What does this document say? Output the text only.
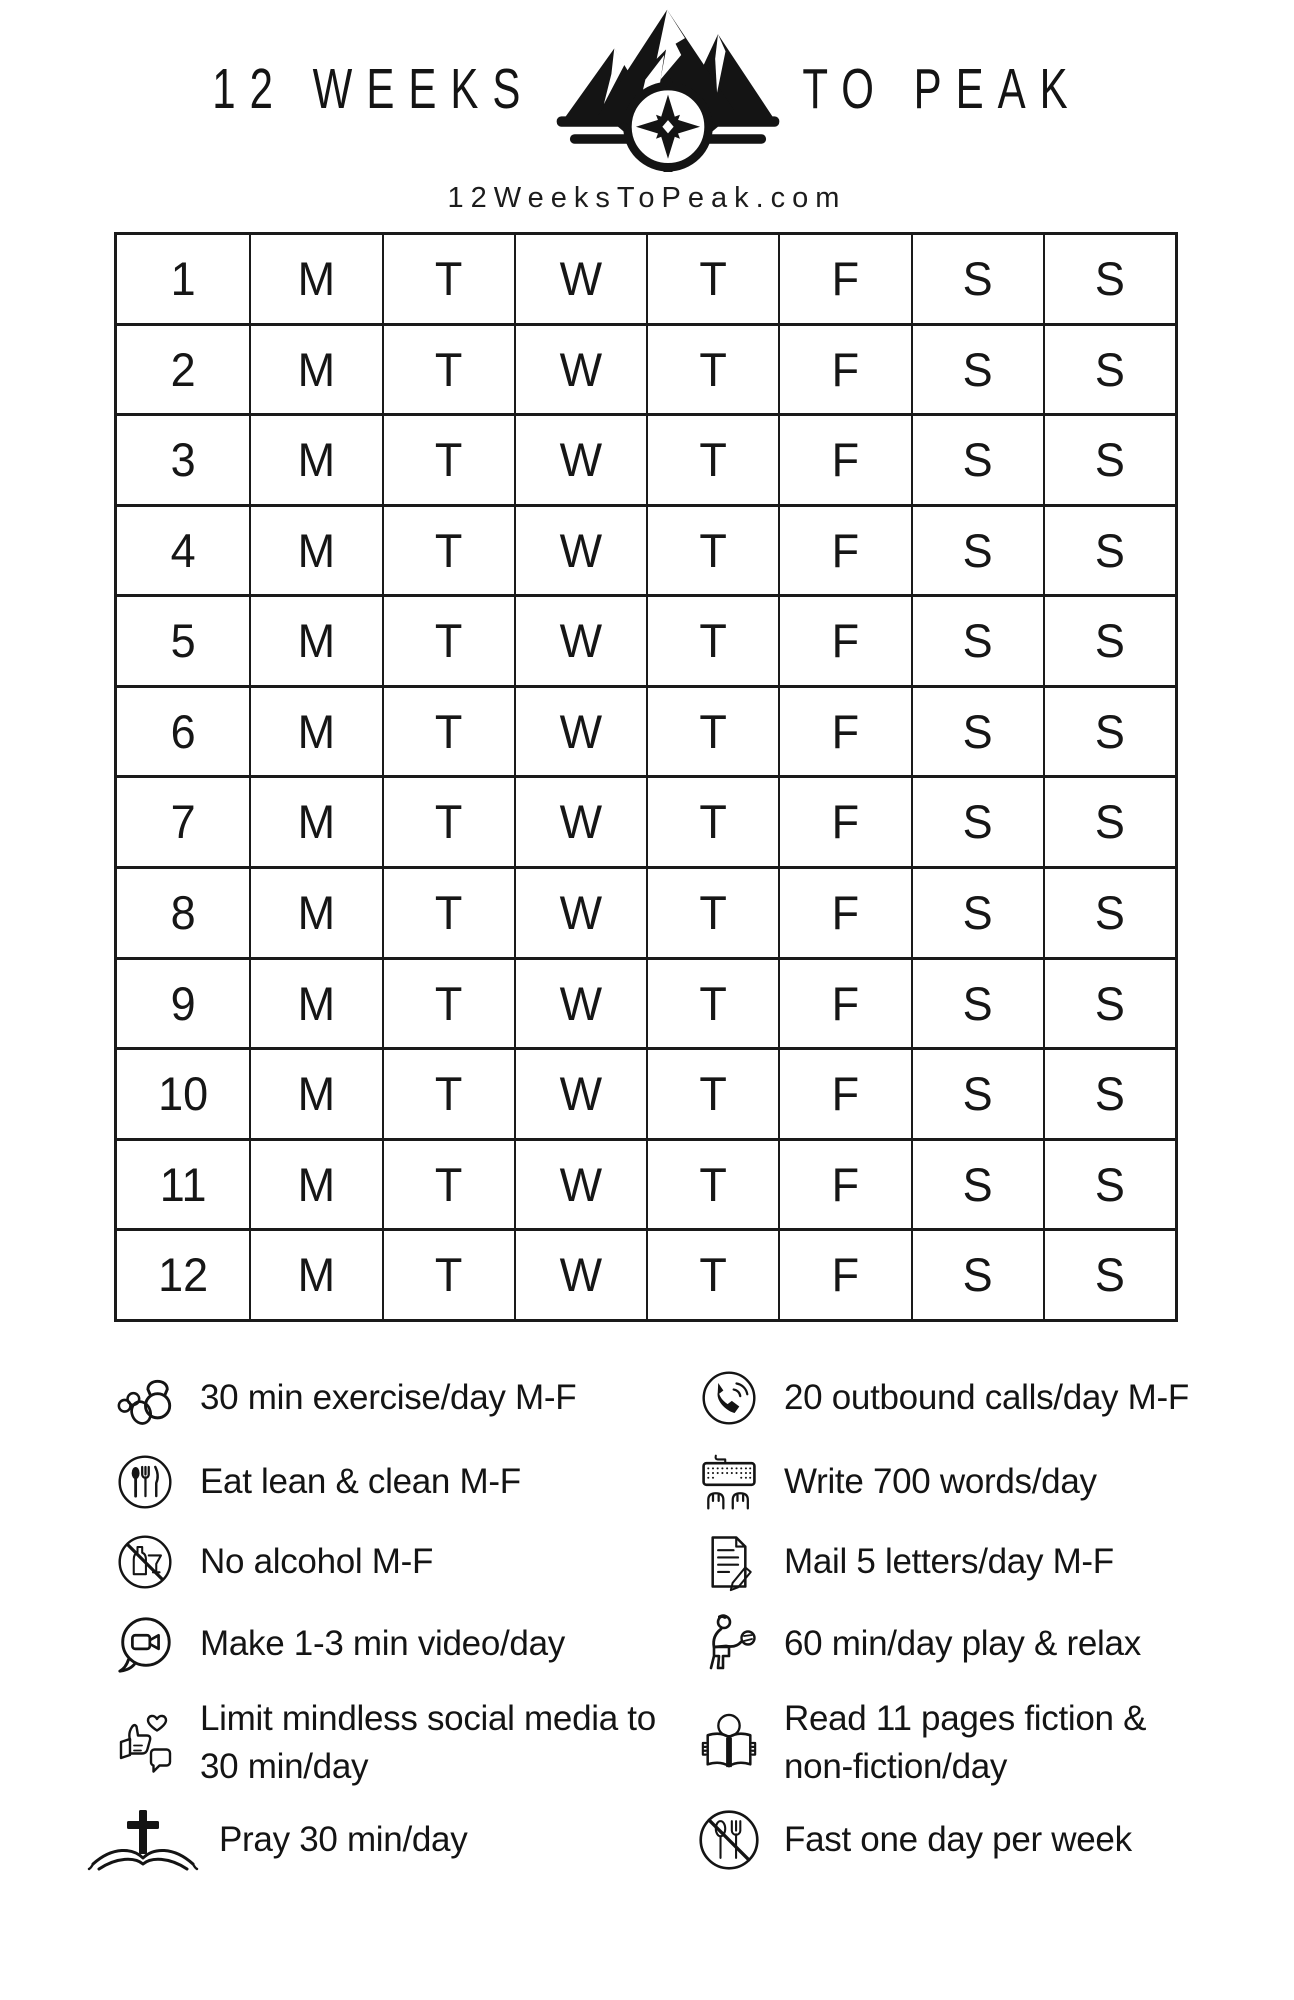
12 WEEKS	TO PEAK
12WeeksToPeak.com
1	M	T	W	T	F	S	S
2	M	T	W	T	F	S	S
3	M	T	W	T	F	S	S
4	M	T	W	T	F	S	S
5	M	T	W	T	F	S	S
6	M	T	W	T	F	S	S
7	M	T	W	T	F	S	S
8	M	T	W	T	F	S	S
9	M	T	W	T	F	S	S
10	M	T	W	T	F	S	S
11	M	T	W	T	F	S	S
12	M	T	W	T	F	S	S
30 min exercise/day M-F
Eat lean & clean M-F
No alcohol M-F
Make 1-3 min video/day
Limit mindless social media to 30 min/day
Pray 30 min/day
20 outbound calls/day M-F
Write 700 words/day
Mail 5 letters/day M-F
60 min/day play & relax
Read 11 pages fiction & non-fiction/day
Fast one day per week
